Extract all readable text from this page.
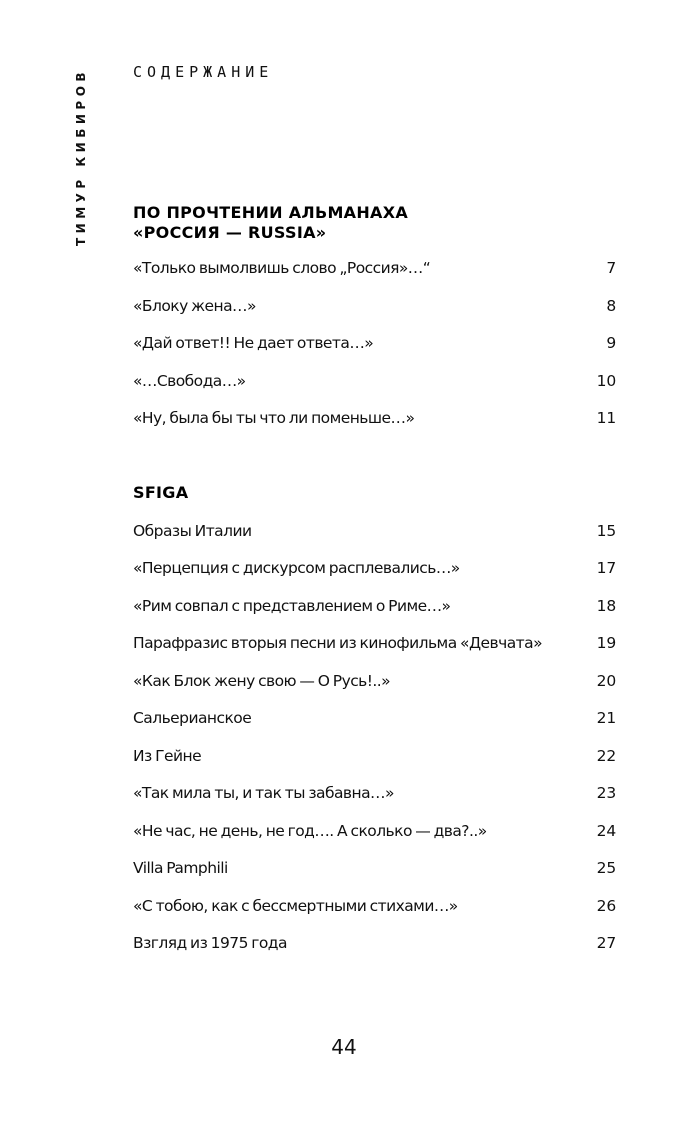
ТИМУР КИБИРОВ	СОДЕРЖАНИЕ
ПО ПРОЧТЕНИИ АЛЬМАНАХА
«РОССИЯ — RUSSIA»
«Только вымолвишь слово „Россия»…“	7
«Блоку жена…»	8
«Дай ответ!! Не дает ответа…»	9
«…Свобода…»	10
«Ну, была бы ты что ли поменьше…»	11
SFIGA
Образы Италии	15
«Перцепция с дискурсом расплевались…»	17
«Рим совпал с представлением о Риме…»	18
Парафразис вторыя песни из кинофильма «Девчата»	19
«Как Блок жену свою — О Русь!..»	20
Сальерианское	21
Из Гейне	22
«Так мила ты, и так ты забавна…»	23
«Не час, не день, не год…. А сколько — два?..»	24
Villa Pamphili	25
«С тобою, как с бессмертными стихами…»	26
Взгляд из 1975 года	27
44
